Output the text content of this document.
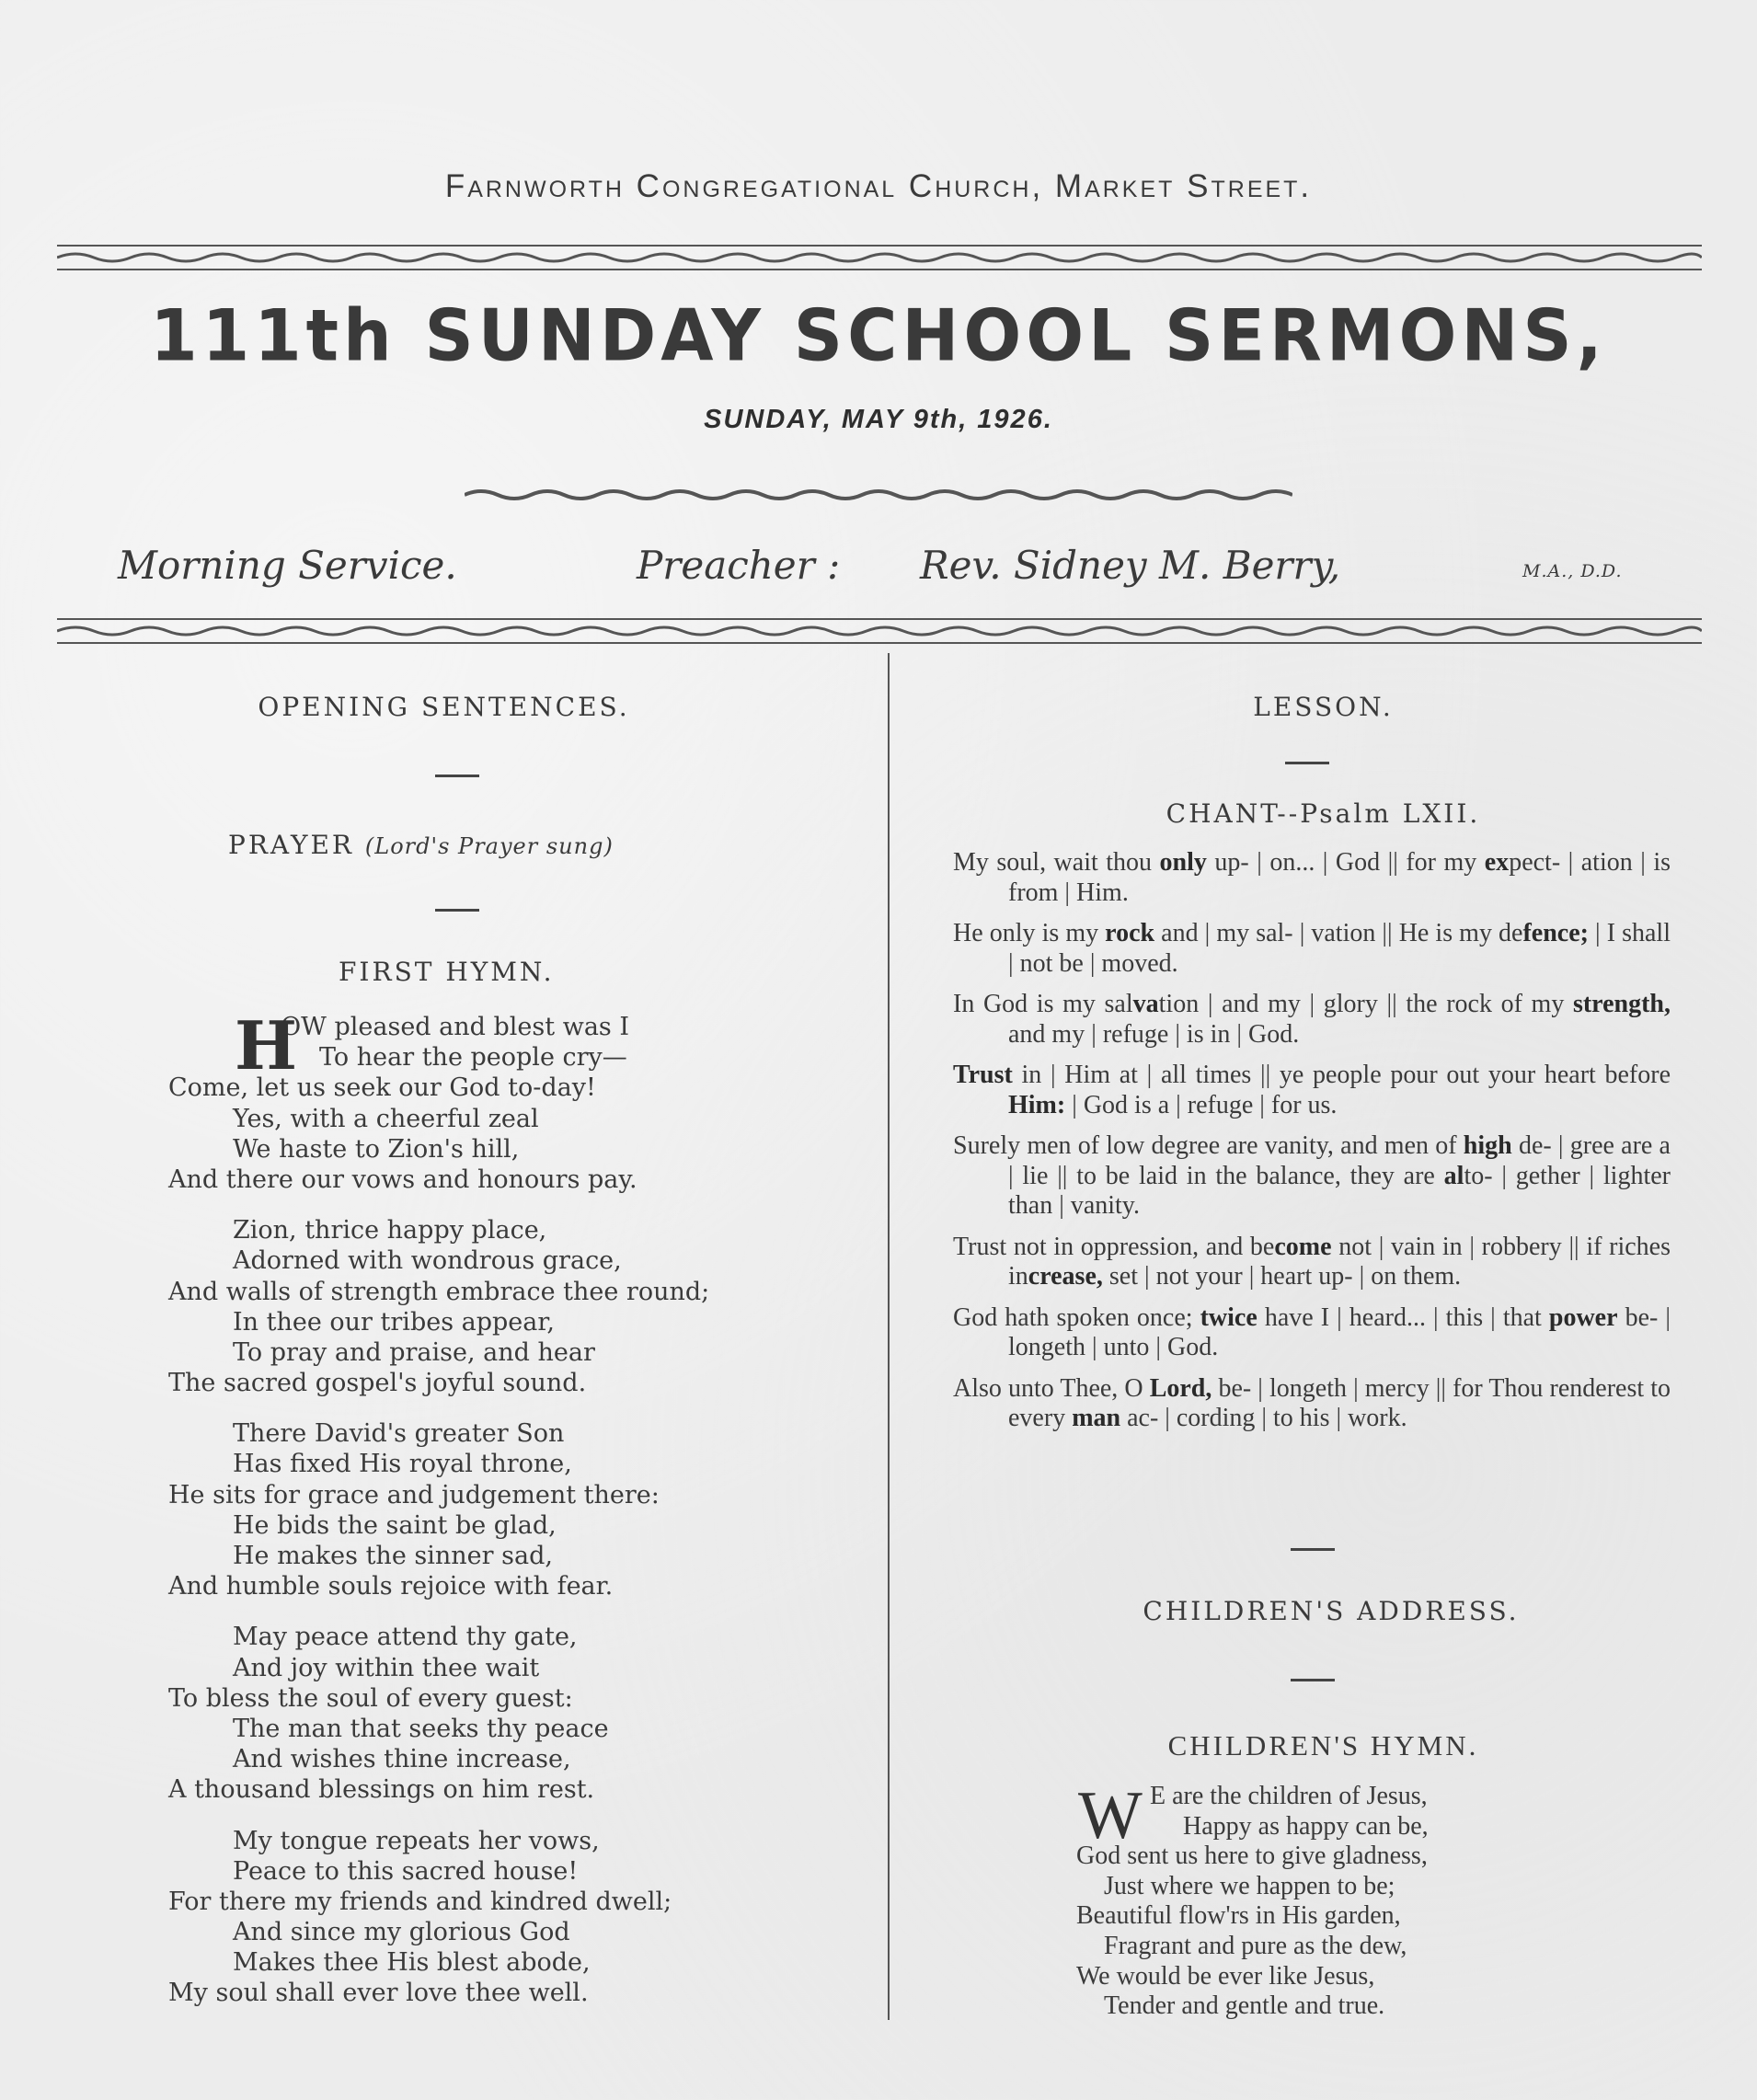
Farnworth Congregational Church, Market Street.
111th SUNDAY SCHOOL SERMONS,
SUNDAY, MAY 9th, 1926.
Morning Service.	Preacher : Rev. Sidney M. Berry,	M.A., D.D.
OPENING SENTENCES.
PRAYER (Lord's Prayer sung)
FIRST HYMN.
H
OW pleased and blest was I
To hear the people cry—
Come, let us seek our God to-day!
Yes, with a cheerful zeal
We haste to Zion's hill,
And there our vows and honours pay.
Zion, thrice happy place,
Adorned with wondrous grace,
And walls of strength embrace thee round;
In thee our tribes appear,
To pray and praise, and hear
The sacred gospel's joyful sound.
There David's greater Son
Has fixed His royal throne,
He sits for grace and judgement there:
He bids the saint be glad,
He makes the sinner sad,
And humble souls rejoice with fear.
May peace attend thy gate,
And joy within thee wait
To bless the soul of every guest:
The man that seeks thy peace
And wishes thine increase,
A thousand blessings on him rest.
My tongue repeats her vows,
Peace to this sacred house!
For there my friends and kindred dwell;
And since my glorious God
Makes thee His blest abode,
My soul shall ever love thee well.
LESSON.
CHANT--Psalm LXII.
My soul, wait thou only up- | on... | God || for my expect- | ation | is from | Him.
He only is my rock and | my sal- | vation || He is my defence; | I shall | not be | moved.
In God is my salvation | and my | glory || the rock of my strength, and my | refuge | is in | God.
Trust in | Him at | all times || ye people pour out your heart before Him: | God is a | refuge | for us.
Surely men of low degree are vanity, and men of high de- | gree are a | lie || to be laid in the balance, they are alto- | gether | lighter than | vanity.
Trust not in oppression, and become not | vain in | robbery || if riches increase, set | not your | heart up- | on them.
God hath spoken once; twice have I | heard... | this | that power be- | longeth | unto | God.
Also unto Thee, O Lord, be- | longeth | mercy || for Thou renderest to every man ac- | cording | to his | work.
CHILDREN'S ADDRESS.
CHILDREN'S HYMN.
W E are the children of Jesus,
Happy as happy can be,
God sent us here to give gladness,
Just where we happen to be;
Beautiful flow'rs in His garden,
Fragrant and pure as the dew,
We would be ever like Jesus,
Tender and gentle and true.
